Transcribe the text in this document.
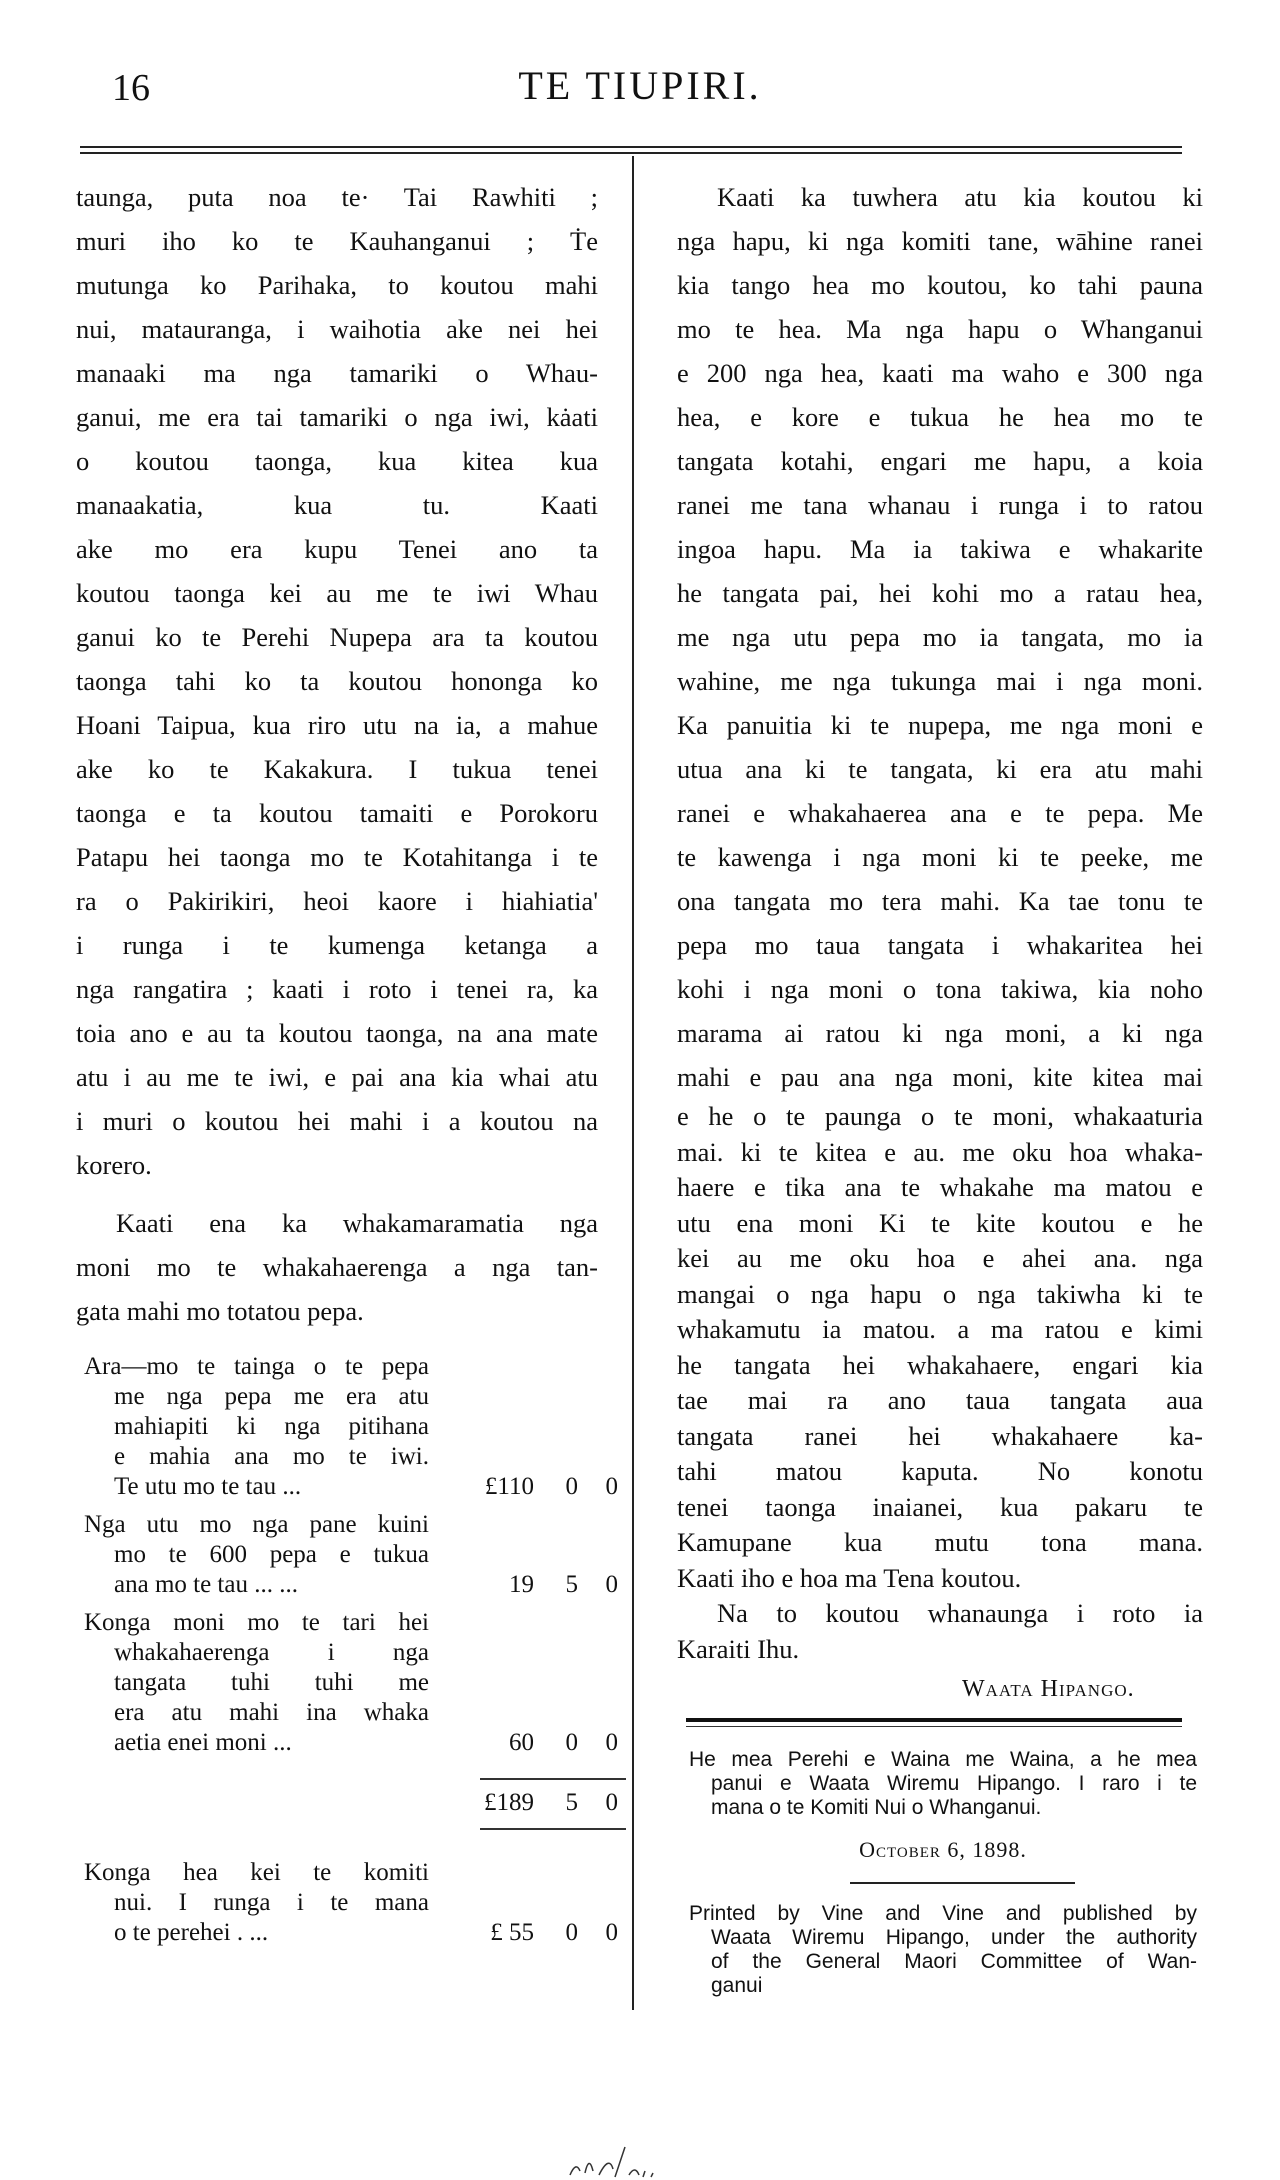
16	TE TIUPIRI.
taunga, puta noa te· Tai Rawhiti ;
muri iho ko te Kauhanganui ; Ṫe
mutunga ko Parihaka, to koutou mahi
nui, matauranga, i waihotia ake nei hei
manaaki ma nga tamariki o Whau-
ganui, me era tai tamariki o nga iwi, kȧati
o koutou taonga, kua kitea kua
manaakatia, kua tu. Kaati
ake mo era kupu Tenei ano ta
koutou taonga kei au me te iwi Whau
ganui ko te Perehi Nupepa ara ta koutou
taonga tahi ko ta koutou hononga ko
Hoani Taipua, kua riro utu na ia, a mahue
ake ko te Kakakura. I tukua tenei
taonga e ta koutou tamaiti e Porokoru
Patapu hei taonga mo te Kotahitanga i te
ra o Pakirikiri, heoi kaore i hiahiatia'
i runga i te kumenga ketanga a
nga rangatira ; kaati i roto i tenei ra, ka
toia ano e au ta koutou taonga, na ana mate
atu i au me te iwi, e pai ana kia whai atu
i muri o koutou hei mahi i a koutou na
korero.
Kaati ena ka whakamaramatia nga
moni mo te whakahaerenga a nga tan-
gata mahi mo totatou pepa.
Ara—mo te tainga o te pepa
me nga pepa me era atu
mahiapiti ki nga pitihana
e mahia ana mo te iwi.
Te utu mo te tau ...	£110	0	0
Nga utu mo nga pane kuini
mo te 600 pepa e tukua
ana mo te tau ... ...	19	5	0
Konga moni mo te tari hei
whakahaerenga i nga
tangata tuhi tuhi me
era atu mahi ina whaka
aetia enei moni ...	60	0	0
£189	5	0
Konga hea kei te komiti
nui. I runga i te mana
o te perehei . ...	£ 55	0	0
Kaati ka tuwhera atu kia koutou ki
nga hapu, ki nga komiti tane, wāhine ranei
kia tango hea mo koutou, ko tahi pauna
mo te hea. Ma nga hapu o Whanganui
e 200 nga hea, kaati ma waho e 300 nga
hea, e kore e tukua he hea mo te
tangata kotahi, engari me hapu, a koia
ranei me tana whanau i runga i to ratou
ingoa hapu. Ma ia takiwa e whakarite
he tangata pai, hei kohi mo a ratau hea,
me nga utu pepa mo ia tangata, mo ia
wahine, me nga tukunga mai i nga moni.
Ka panuitia ki te nupepa, me nga moni e
utua ana ki te tangata, ki era atu mahi
ranei e whakahaerea ana e te pepa. Me
te kawenga i nga moni ki te peeke, me
ona tangata mo tera mahi. Ka tae tonu te
pepa mo taua tangata i whakaritea hei
kohi i nga moni o tona takiwa, kia noho
marama ai ratou ki nga moni, a ki nga
mahi e pau ana nga moni, kite kitea mai
e he o te paunga o te moni, whakaaturia
mai. ki te kitea e au. me oku hoa whaka-
haere e tika ana te whakahe ma matou e
utu ena moni Ki te kite koutou e he
kei au me oku hoa e ahei ana. nga
mangai o nga hapu o nga takiwha ki te
whakamutu ia matou. a ma ratou e kimi
he tangata hei whakahaere, engari kia
tae mai ra ano taua tangata aua
tangata ranei hei whakahaere ka-
tahi matou kaputa. No konotu
tenei taonga inaianei, kua pakaru te
Kamupane kua mutu tona mana.
Kaati iho e hoa ma Tena koutou.
Na to koutou whanaunga i roto ia
Karaiti Ihu.
Waata Hipango.
He mea Perehi e Waina me Waina, a he mea
panui e Waata Wiremu Hipango. I raro i te
mana o te Komiti Nui o Whanganui.
October 6, 1898.
Printed by Vine and Vine and published by
Waata Wiremu Hipango, under the authority
of the General Maori Committee of Wan-
ganui
